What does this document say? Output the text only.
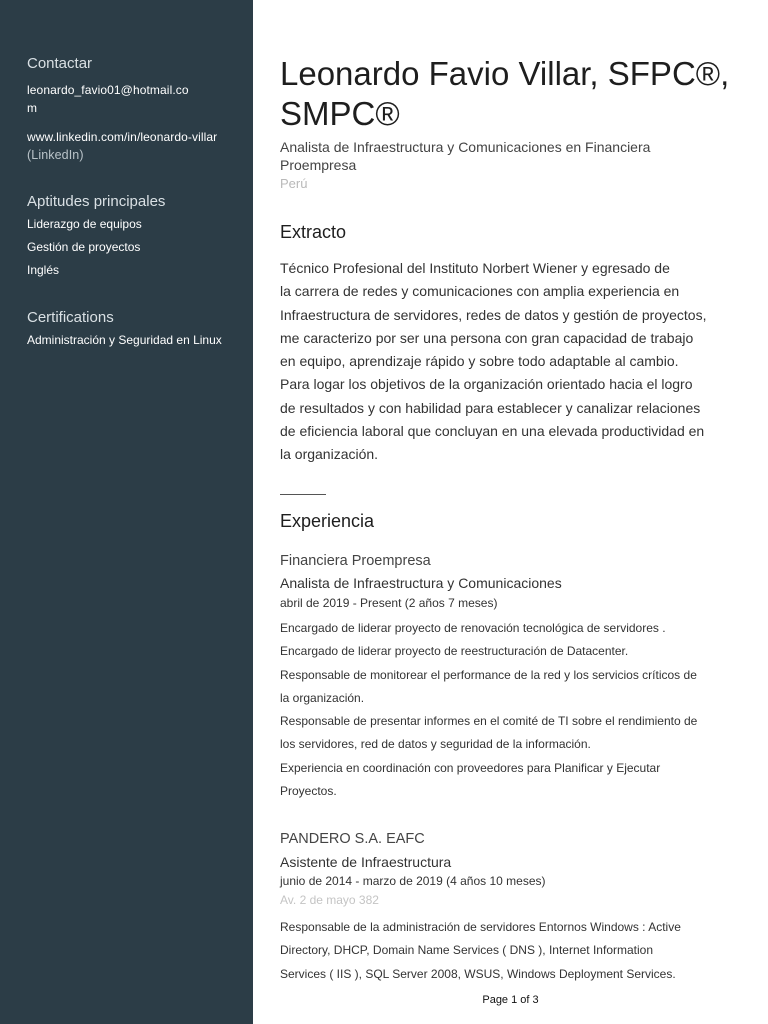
Contactar
leonardo_favio01@hotmail.co
m
www.linkedin.com/in/leonardo-villar
(LinkedIn)
Aptitudes principales
Liderazgo de equipos
Gestión de proyectos
Inglés
Certifications
Administración y Seguridad en Linux
Leonardo Favio Villar, SFPC®,
SMPC®
Analista de Infraestructura y Comunicaciones en Financiera
Proempresa
Perú
Extracto
Técnico Profesional del Instituto Norbert Wiener y egresado de
la carrera de redes y comunicaciones con amplia experiencia en
Infraestructura de servidores, redes de datos y gestión de proyectos,
me caracterizo por ser una persona con gran capacidad de trabajo
en equipo, aprendizaje rápido y sobre todo adaptable al cambio.
Para logar los objetivos de la organización orientado hacia el logro
de resultados y con habilidad para establecer y canalizar relaciones
de eficiencia laboral que concluyan en una elevada productividad en
la organización.
Experiencia
Financiera Proempresa
Analista de Infraestructura y Comunicaciones
abril de 2019 - Present (2 años 7 meses)
Encargado de liderar proyecto de renovación tecnológica de servidores .
Encargado de liderar proyecto de reestructuración de Datacenter.
Responsable de monitorear el performance de la red y los servicios críticos de
la organización.
Responsable de presentar informes en el comité de TI sobre el rendimiento de
los servidores, red de datos y seguridad de la información.
Experiencia en coordinación con proveedores para Planificar y Ejecutar
Proyectos.
PANDERO S.A. EAFC
Asistente de Infraestructura
junio de 2014 - marzo de 2019 (4 años 10 meses)
Av. 2 de mayo 382
Responsable de la administración de servidores Entornos Windows : Active
Directory, DHCP, Domain Name Services ( DNS ), Internet Information
Services ( IIS ), SQL Server 2008, WSUS, Windows Deployment Services.
Page 1 of 3
